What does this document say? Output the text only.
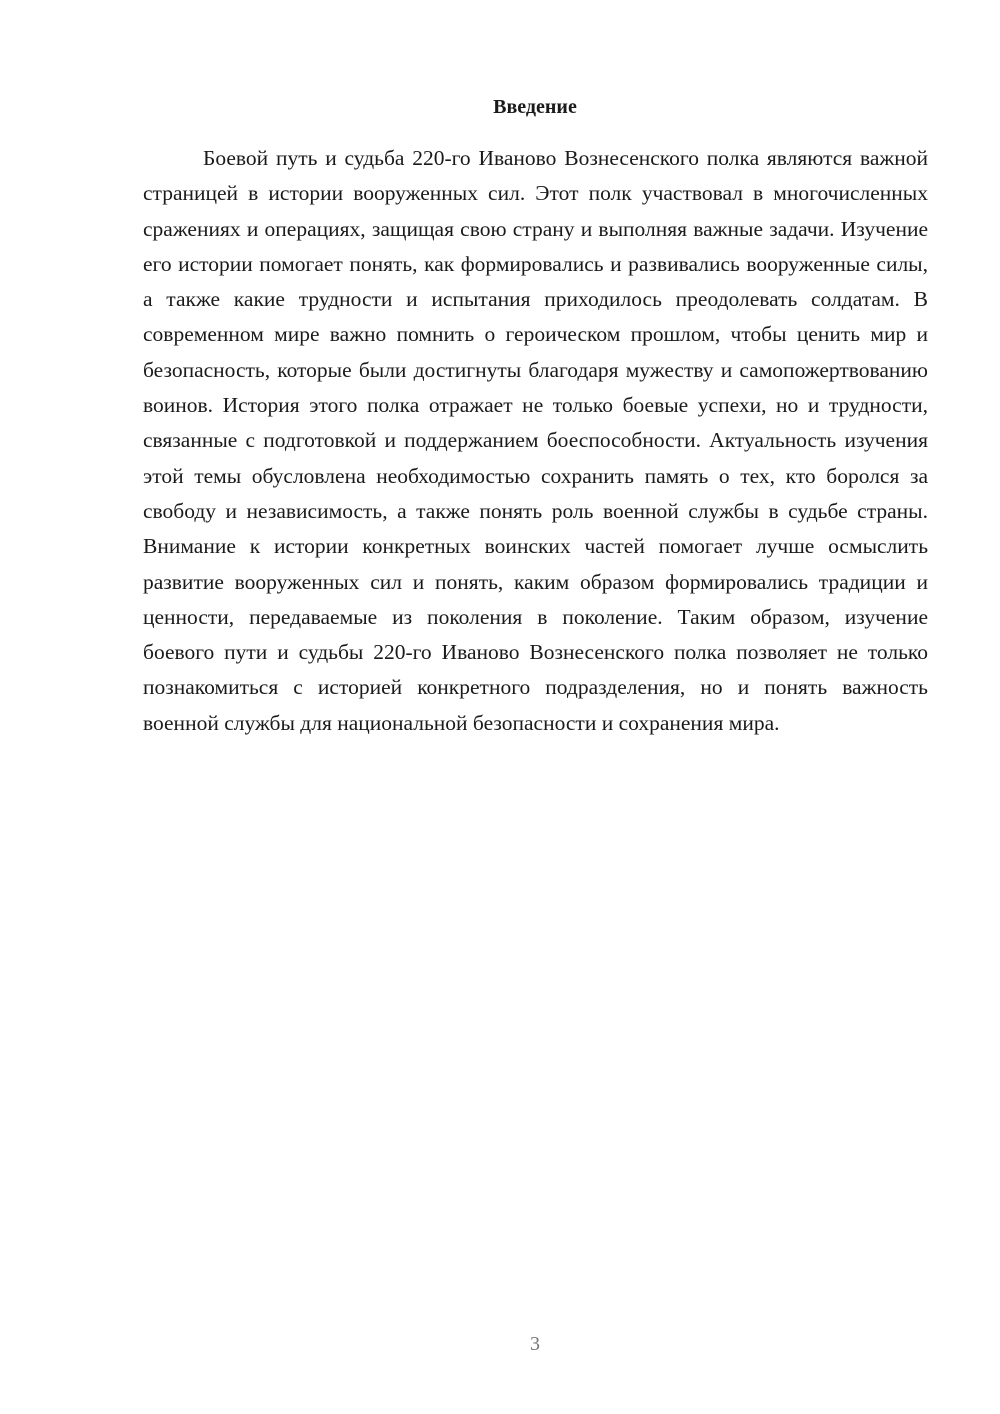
Введение

Боевой путь и судьба 220-го Иваново Вознесенского полка являются важной страницей в истории вооруженных сил. Этот полк участвовал в многочисленных сражениях и операциях, защищая свою страну и выполняя важные задачи. Изучение его истории помогает понять, как формировались и развивались вооруженные силы, а также какие трудности и испытания приходилось преодолевать солдатам. В современном мире важно помнить о героическом прошлом, чтобы ценить мир и безопасность, которые были достигнуты благодаря мужеству и самопожертвованию воинов. История этого полка отражает не только боевые успехи, но и трудности, связанные с подготовкой и поддержанием боеспособности. Актуальность изучения этой темы обусловлена необходимостью сохранить память о тех, кто боролся за свободу и независимость, а также понять роль военной службы в судьбе страны. Внимание к истории конкретных воинских частей помогает лучше осмыслить развитие вооруженных сил и понять, каким образом формировались традиции и ценности, передаваемые из поколения в поколение. Таким образом, изучение боевого пути и судьбы 220-го Иваново Вознесенского полка позволяет не только познакомиться с историей конкретного подразделения, но и понять важность военной службы для национальной безопасности и сохранения мира.

3
